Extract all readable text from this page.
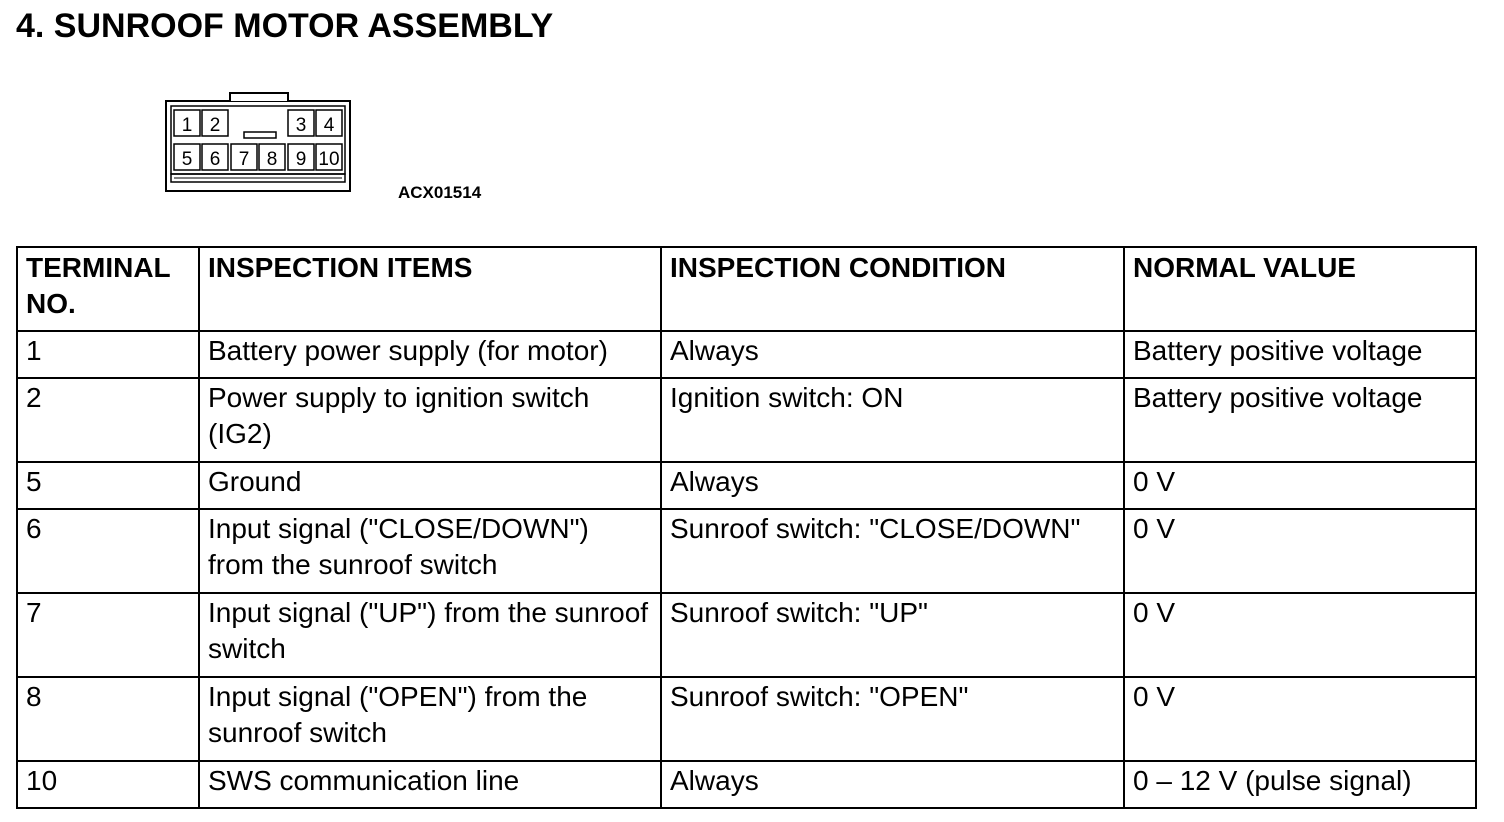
4. SUNROOF MOTOR ASSEMBLY
1 2	3 4
5 6 7 8 9 10
ACX01514
TERMINAL NO.	INSPECTION ITEMS	INSPECTION CONDITION	NORMAL VALUE
1	Battery power supply (for motor)	Always	Battery positive voltage
2	Power supply to ignition switch (IG2)	Ignition switch: ON	Battery positive voltage
5	Ground	Always	0 V
6	Input signal ("CLOSE/DOWN") from the sunroof switch	Sunroof switch: "CLOSE/DOWN"	0 V
7	Input signal ("UP") from the sunroof switch	Sunroof switch: "UP"	0 V
8	Input signal ("OPEN") from the sunroof switch	Sunroof switch: "OPEN"	0 V
10	SWS communication line	Always	0 – 12 V (pulse signal)
